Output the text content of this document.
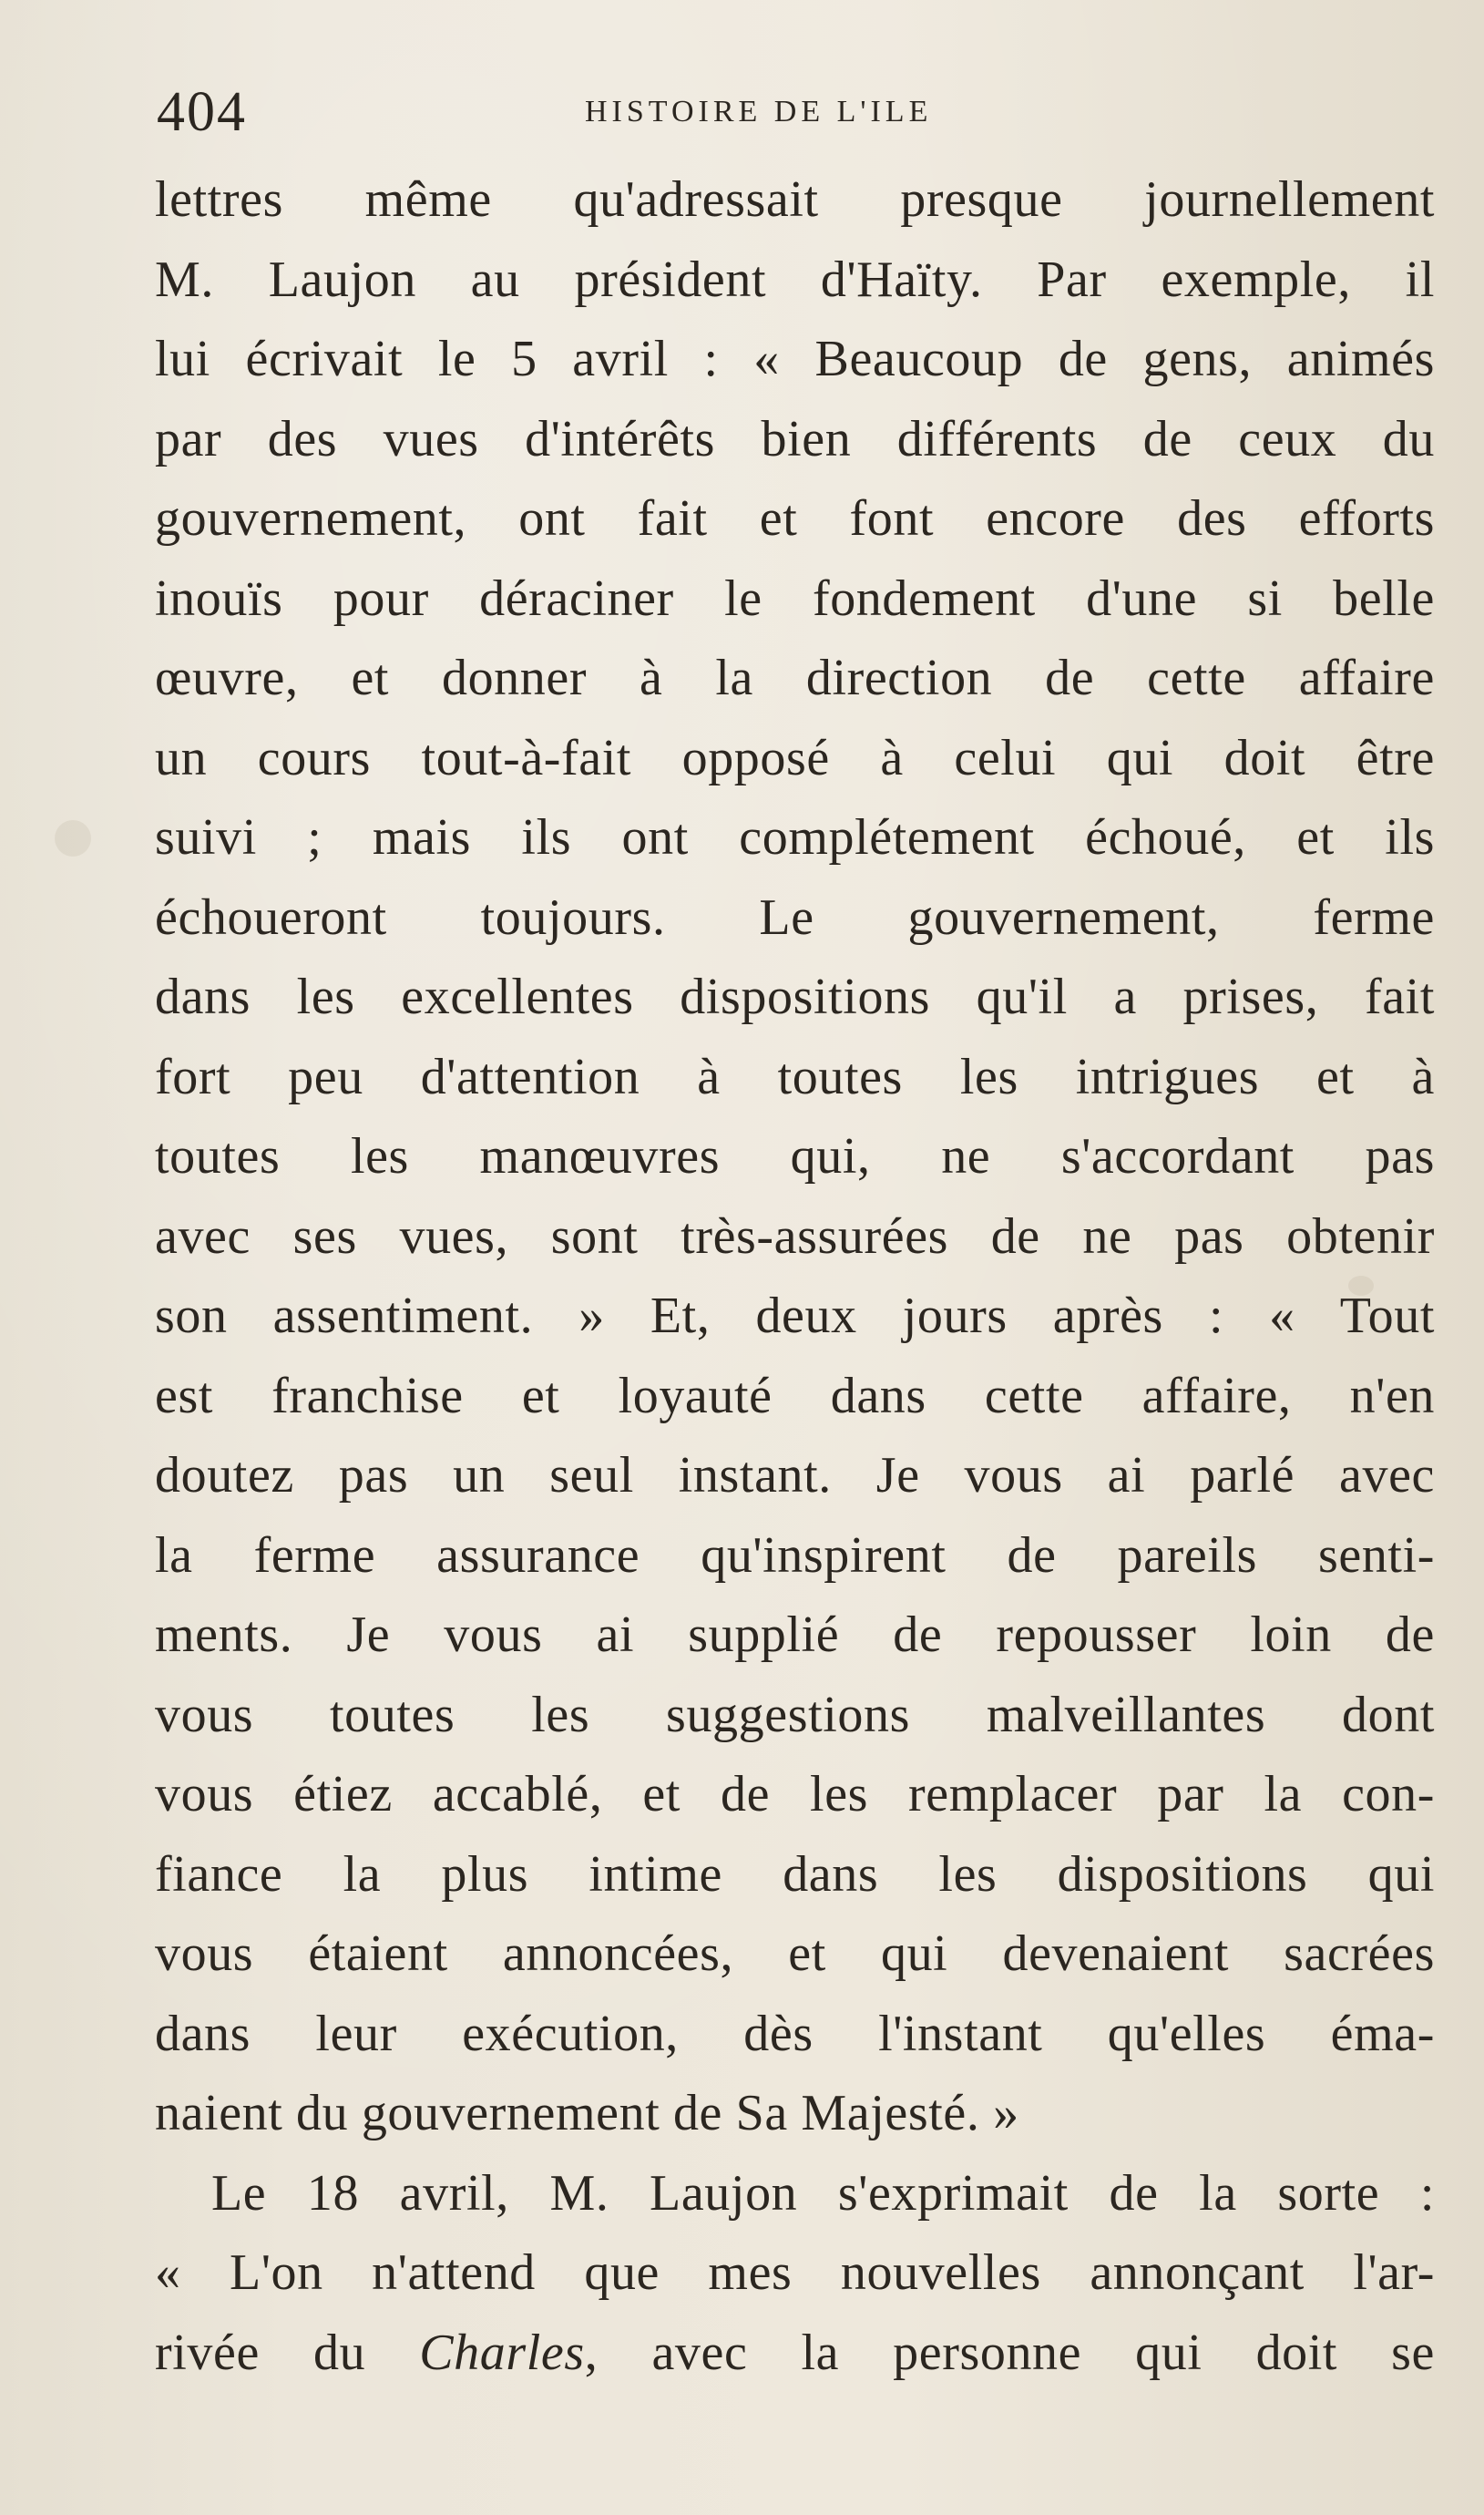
404	HISTOIRE DE L'ILE
lettres même qu'adressait presque journellement
M. Laujon au président d'Haïty. Par exemple, il
lui écrivait le 5 avril : « Beaucoup de gens, animés
par des vues d'intérêts bien différents de ceux du
gouvernement, ont fait et font encore des efforts
inouïs pour déraciner le fondement d'une si belle
œuvre, et donner à la direction de cette affaire
un cours tout-à-fait opposé à celui qui doit être
suivi ; mais ils ont complétement échoué, et ils
échoueront toujours. Le gouvernement, ferme
dans les excellentes dispositions qu'il a prises, fait
fort peu d'attention à toutes les intrigues et à
toutes les manœuvres qui, ne s'accordant pas
avec ses vues, sont très-assurées de ne pas obtenir
son assentiment. » Et, deux jours après : « Tout
est franchise et loyauté dans cette affaire, n'en
doutez pas un seul instant. Je vous ai parlé avec
la ferme assurance qu'inspirent de pareils senti-
ments. Je vous ai supplié de repousser loin de
vous toutes les suggestions malveillantes dont
vous étiez accablé, et de les remplacer par la con-
fiance la plus intime dans les dispositions qui
vous étaient annoncées, et qui devenaient sacrées
dans leur exécution, dès l'instant qu'elles éma-
naient du gouvernement de Sa Majesté. »
Le 18 avril, M. Laujon s'exprimait de la sorte :
« L'on n'attend que mes nouvelles annonçant l'ar-
rivée du Charles, avec la personne qui doit se
